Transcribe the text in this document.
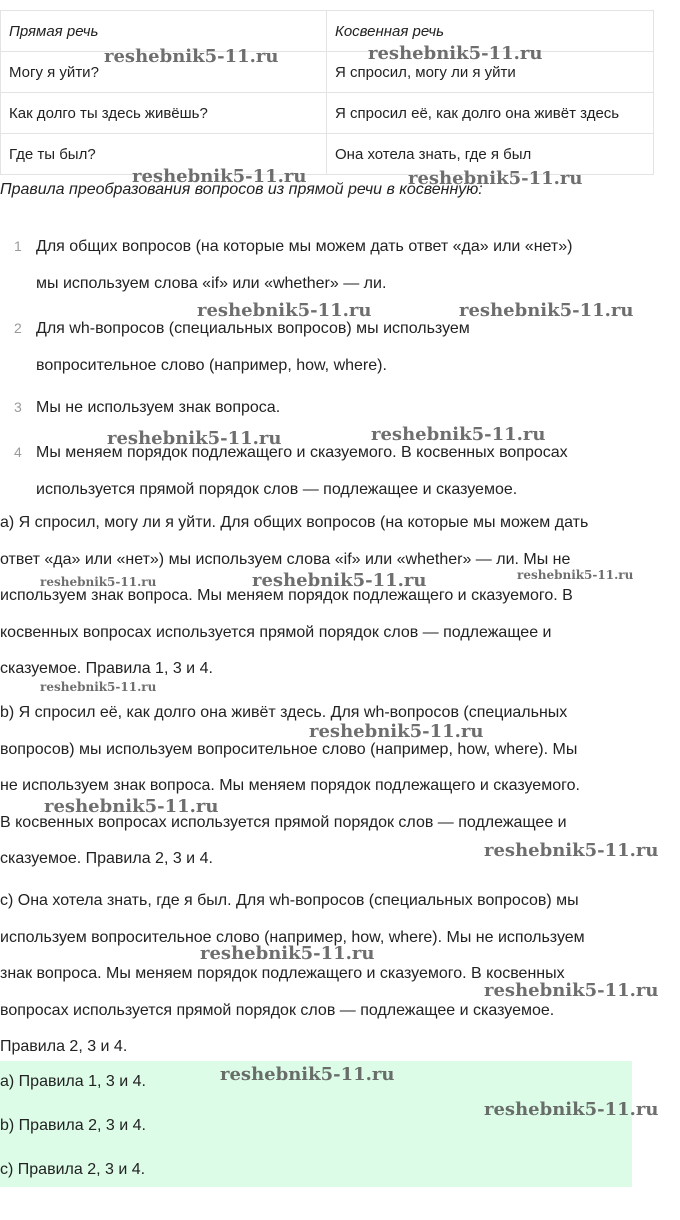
Прямая речь	Косвенная речь
Могу я уйти?	Я спросил, могу ли я уйти
Как долго ты здесь живёшь?	Я спросил её, как долго она живёт здесь
Где ты был?	Она хотела знать, где я был
Правила преобразования вопросов из прямой речи в косвенную:
1 Для общих вопросов (на которые мы можем дать ответ «да» или «нет»)
мы используем слова «if» или «whether» — ли.
2 Для wh-вопросов (специальных вопросов) мы используем
вопросительное слово (например, how, where).
3 Мы не используем знак вопроса.
4 Мы меняем порядок подлежащего и сказуемого. В косвенных вопросах
используется прямой порядок слов — подлежащее и сказуемое.
a) Я спросил, могу ли я уйти. Для общих вопросов (на которые мы можем дать
ответ «да» или «нет») мы используем слова «if» или «whether» — ли. Мы не
используем знак вопроса. Мы меняем порядок подлежащего и сказуемого. В
косвенных вопросах используется прямой порядок слов — подлежащее и
сказуемое. Правила 1, 3 и 4.
b) Я спросил её, как долго она живёт здесь. Для wh-вопросов (специальных
вопросов) мы используем вопросительное слово (например, how, where). Мы
не используем знак вопроса. Мы меняем порядок подлежащего и сказуемого.
В косвенных вопросах используется прямой порядок слов — подлежащее и
сказуемое. Правила 2, 3 и 4.
c) Она хотела знать, где я был. Для wh-вопросов (специальных вопросов) мы
используем вопросительное слово (например, how, where). Мы не используем
знак вопроса. Мы меняем порядок подлежащего и сказуемого. В косвенных
вопросах используется прямой порядок слов — подлежащее и сказуемое.
Правила 2, 3 и 4.
a) Правила 1, 3 и 4.
b) Правила 2, 3 и 4.
c) Правила 2, 3 и 4.
reshebnik5-11.ru	reshebnik5-11.ru
reshebnik5-11.ru	reshebnik5-11.ru
reshebnik5-11.ru	reshebnik5-11.ru
reshebnik5-11.ru	reshebnik5-11.ru
reshebnik5-11.ru	reshebnik5-11.ru	reshebnik5-11.ru
reshebnik5-11.ru
reshebnik5-11.ru
reshebnik5-11.ru
reshebnik5-11.ru
reshebnik5-11.ru
reshebnik5-11.ru
reshebnik5-11.ru
reshebnik5-11.ru
